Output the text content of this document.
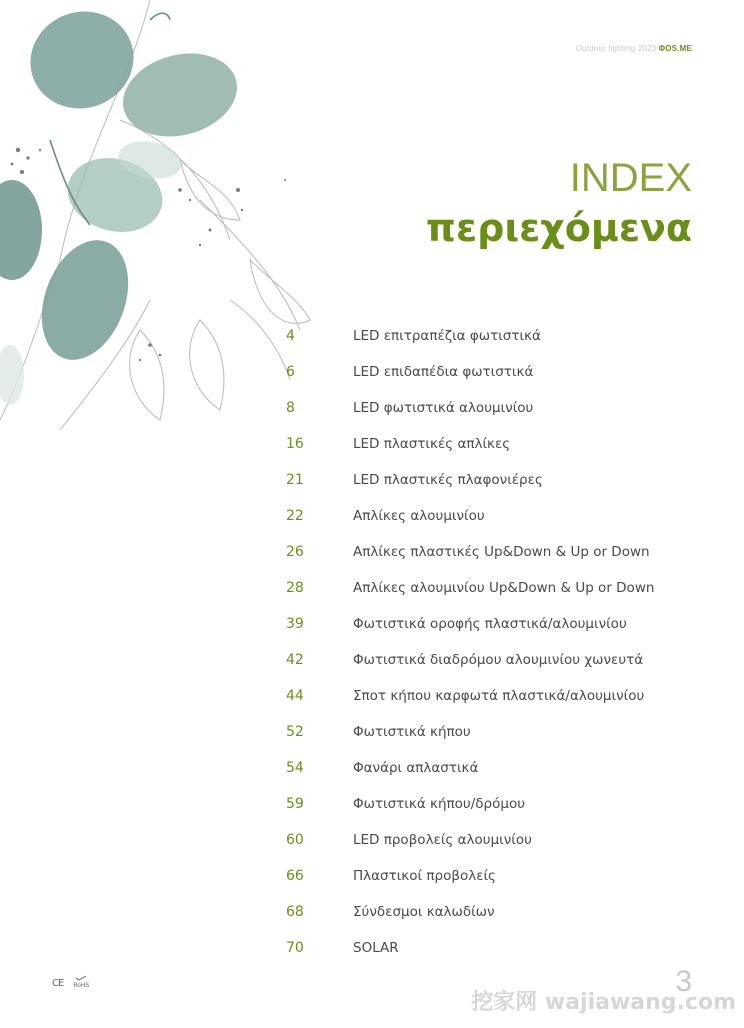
Outdoor lighting 2023 ΦOS.ME
INDEX
περιεχόμενα
4	LED επιτραπέζια φωτιστικά
6	LED επιδαπέδια φωτιστικά
8	LED φωτιστικά αλουμινίου
16	LED πλαστικές απλίκες
21	LED πλαστικές πλαφονιέρες
22	Απλίκες αλουμινίου
26	Απλίκες πλαστικές Up&Down & Up or Down
28	Απλίκες αλουμινίου Up&Down & Up or Down
39	Φωτιστικά οροφής πλαστικά/αλουμινίου
42	Φωτιστικά διαδρόμου αλουμινίου χωνευτά
44	Σποτ κήπου καρφωτά πλαστικά/αλουμινίου
52	Φωτιστικά κήπου
54	Φανάρι απλαστικά
59	Φωτιστικά κήπου/δρόμου
60	LED προβολείς αλουμινίου
66	Πλαστικοί προβολείς
68	Σύνδεσμοι καλωδίων
70	SOLAR
CE RoHS	3
挖家网 wajiawang.com
